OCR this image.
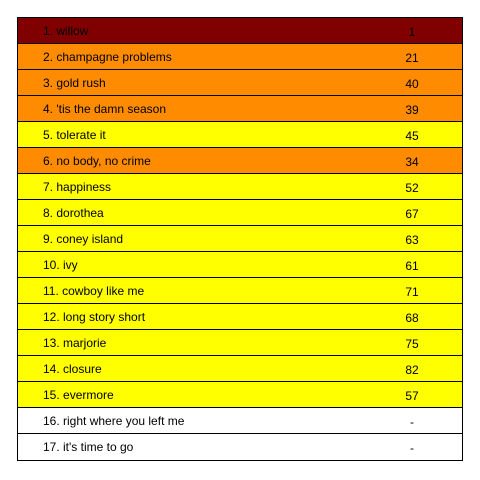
1. willow	1
2. champagne problems	21
3. gold rush	40
4. 'tis the damn season	39
5. tolerate it	45
6. no body, no crime	34
7. happiness	52
8. dorothea	67
9. coney island	63
10. ivy	61
11. cowboy like me	71
12. long story short	68
13. marjorie	75
14. closure	82
15. evermore	57
16. right where you left me	-
17. it's time to go	-
